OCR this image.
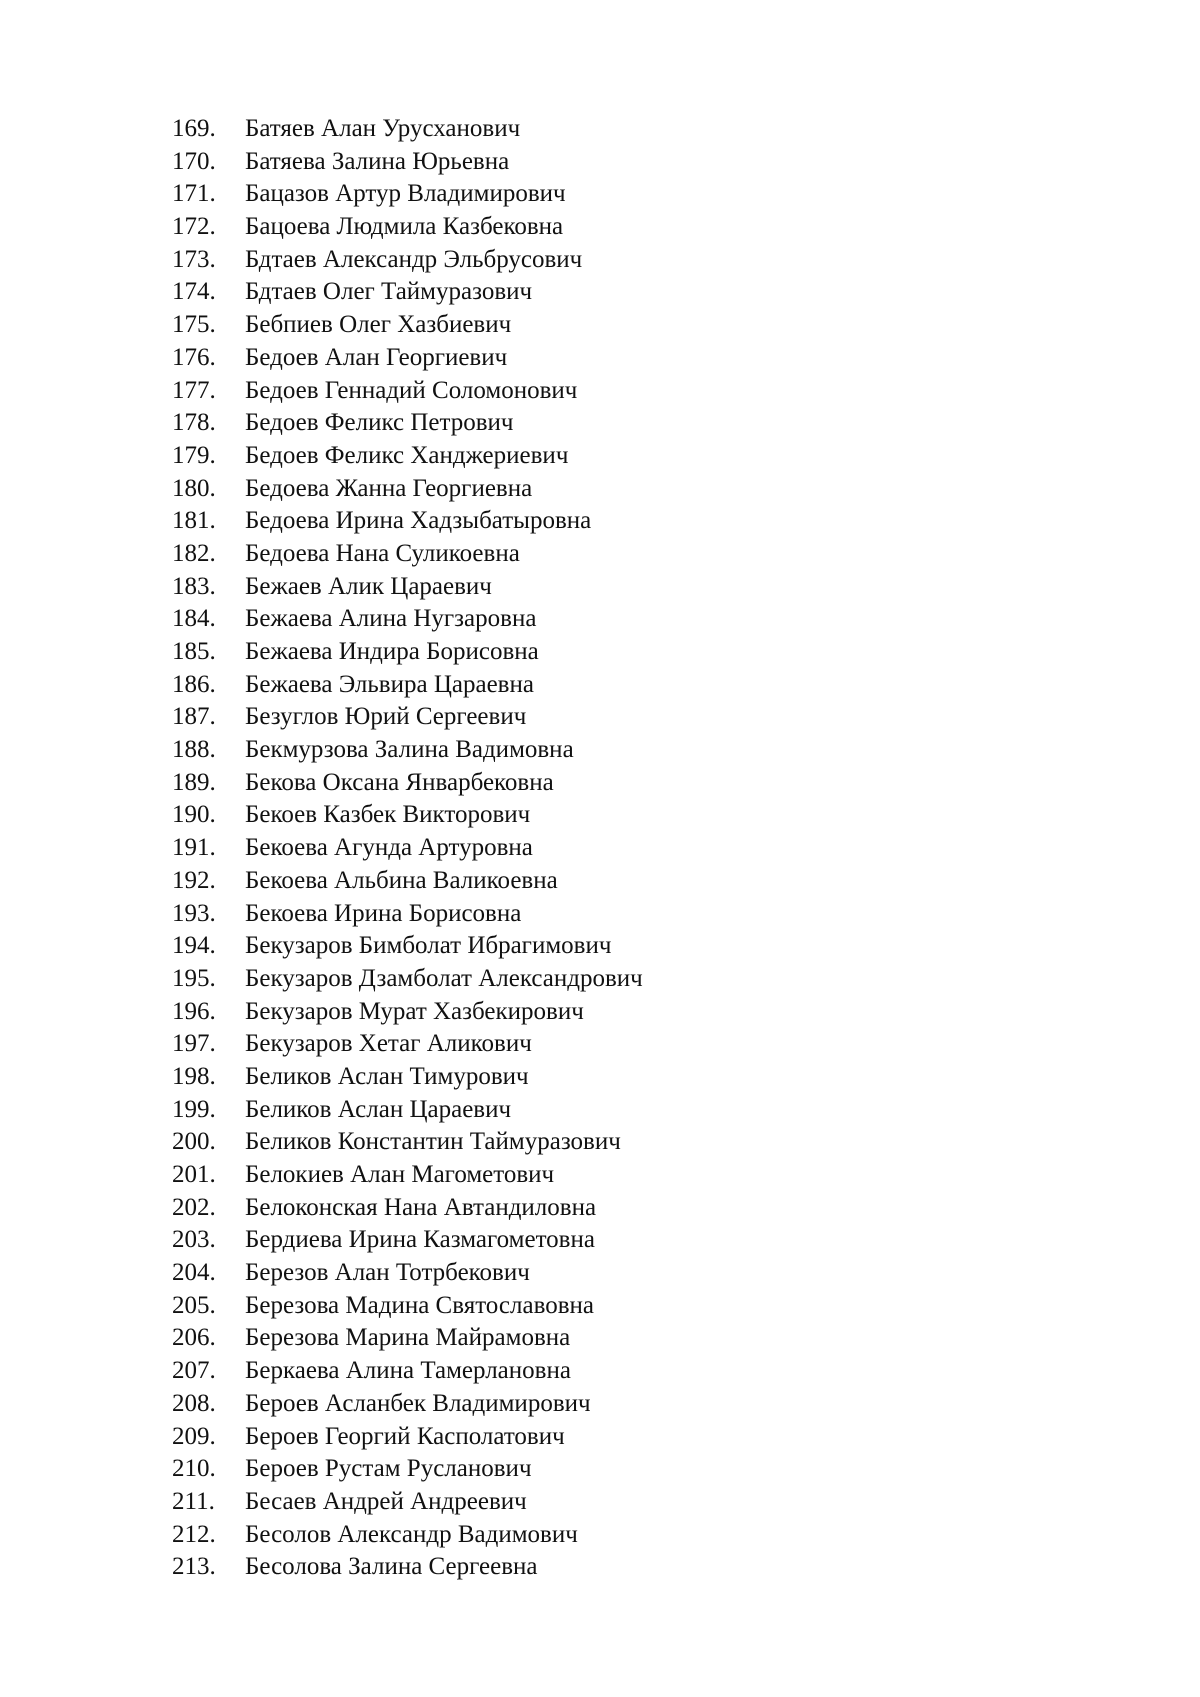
169. Батяев Алан Урусханович
170. Батяева Залина Юрьевна
171. Бацазов Артур Владимирович
172. Бацоева Людмила Казбековна
173. Бдтаев Александр Эльбрусович
174. Бдтаев Олег Таймуразович
175. Бебпиев Олег Хазбиевич
176. Бедоев Алан Георгиевич
177. Бедоев Геннадий Соломонович
178. Бедоев Феликс Петрович
179. Бедоев Феликс Ханджериевич
180. Бедоева Жанна Георгиевна
181. Бедоева Ирина Хадзыбатыровна
182. Бедоева Нана Суликоевна
183. Бежаев Алик Цараевич
184. Бежаева Алина Нугзаровна
185. Бежаева Индира Борисовна
186. Бежаева Эльвира Цараевна
187. Безуглов Юрий Сергеевич
188. Бекмурзова Залина Вадимовна
189. Бекова Оксана Январбековна
190. Бекоев Казбек Викторович
191. Бекоева Агунда Артуровна
192. Бекоева Альбина Валикоевна
193. Бекоева Ирина Борисовна
194. Бекузаров Бимболат Ибрагимович
195. Бекузаров Дзамболат Александрович
196. Бекузаров Мурат Хазбекирович
197. Бекузаров Хетаг Аликович
198. Беликов Аслан Тимурович
199. Беликов Аслан Цараевич
200. Беликов Константин Таймуразович
201. Белокиев Алан Магометович
202. Белоконская Нана Автандиловна
203. Бердиева Ирина Казмагометовна
204. Березов Алан Тотрбекович
205. Березова Мадина Святославовна
206. Березова Марина Майрамовна
207. Беркаева Алина Тамерлановна
208. Бероев Асланбек Владимирович
209. Бероев Георгий Касполатович
210. Бероев Рустам Русланович
211. Бесаев Андрей Андреевич
212. Бесолов Александр Вадимович
213. Бесолова Залина Сергеевна
